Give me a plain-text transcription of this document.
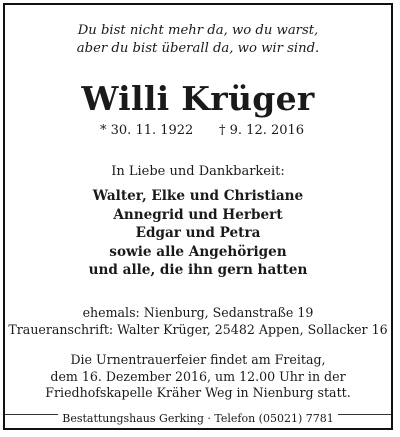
Du bist nicht mehr da, wo du warst,
aber du bist überall da, wo wir sind.
Willi Krüger
* 30. 11. 1922 † 9. 12. 2016
In Liebe und Dankbarkeit:
Walter, Elke und Christiane
Annegrid und Herbert
Edgar und Petra
sowie alle Angehörigen
und alle, die ihn gern hatten
ehemals: Nienburg, Sedanstraße 19
Traueranschrift: Walter Krüger, 25482 Appen, Sollacker 16
Die Urnentrauerfeier findet am Freitag,
dem 16. Dezember 2016, um 12.00 Uhr in der
Friedhofskapelle Kräher Weg in Nienburg statt.
Bestattungshaus Gerking · Telefon (05021) 7781
